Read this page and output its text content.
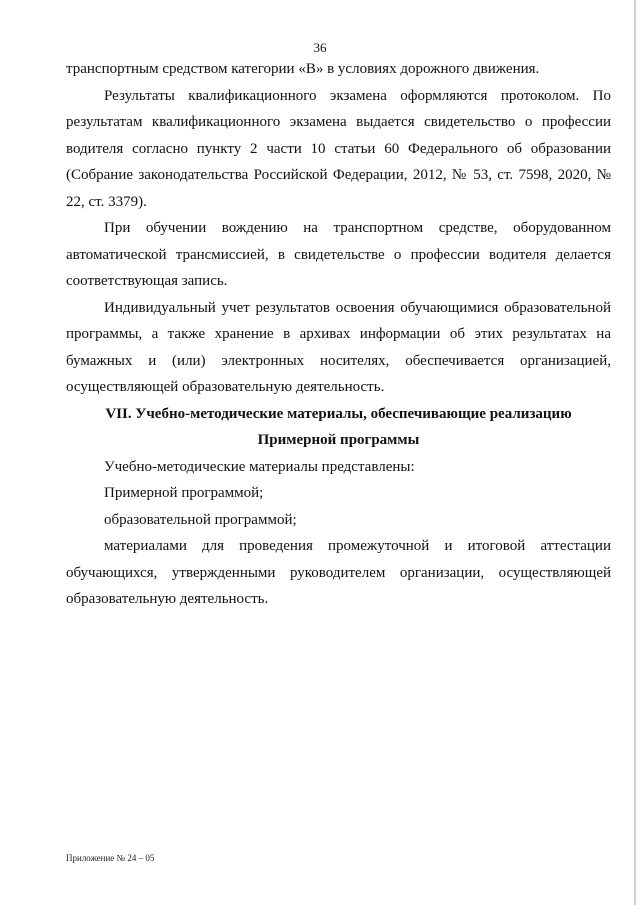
36

транспортным средством категории «В» в условиях дорожного движения.

Результаты квалификационного экзамена оформляются протоколом. По результатам квалификационного экзамена выдается свидетельство о профессии водителя согласно пункту 2 части 10 статьи 60 Федерального об образовании (Собрание законодательства Российской Федерации, 2012, № 53, ст. 7598, 2020, № 22, ст. 3379).

При обучении вождению на транспортном средстве, оборудованном автоматической трансмиссией, в свидетельстве о профессии водителя делается соответствующая запись.

Индивидуальный учет результатов освоения обучающимися образовательной программы, а также хранение в архивах информации об этих результатах на бумажных и (или) электронных носителях, обеспечивается организацией, осуществляющей образовательную деятельность.

VII. Учебно-методические материалы, обеспечивающие реализацию

Примерной программы

Учебно-методические материалы представлены:

Примерной программой;

образовательной программой;

материалами для проведения промежуточной и итоговой аттестации обучающихся, утвержденными руководителем организации, осуществляющей образовательную деятельность.

Приложение № 24 – 05
